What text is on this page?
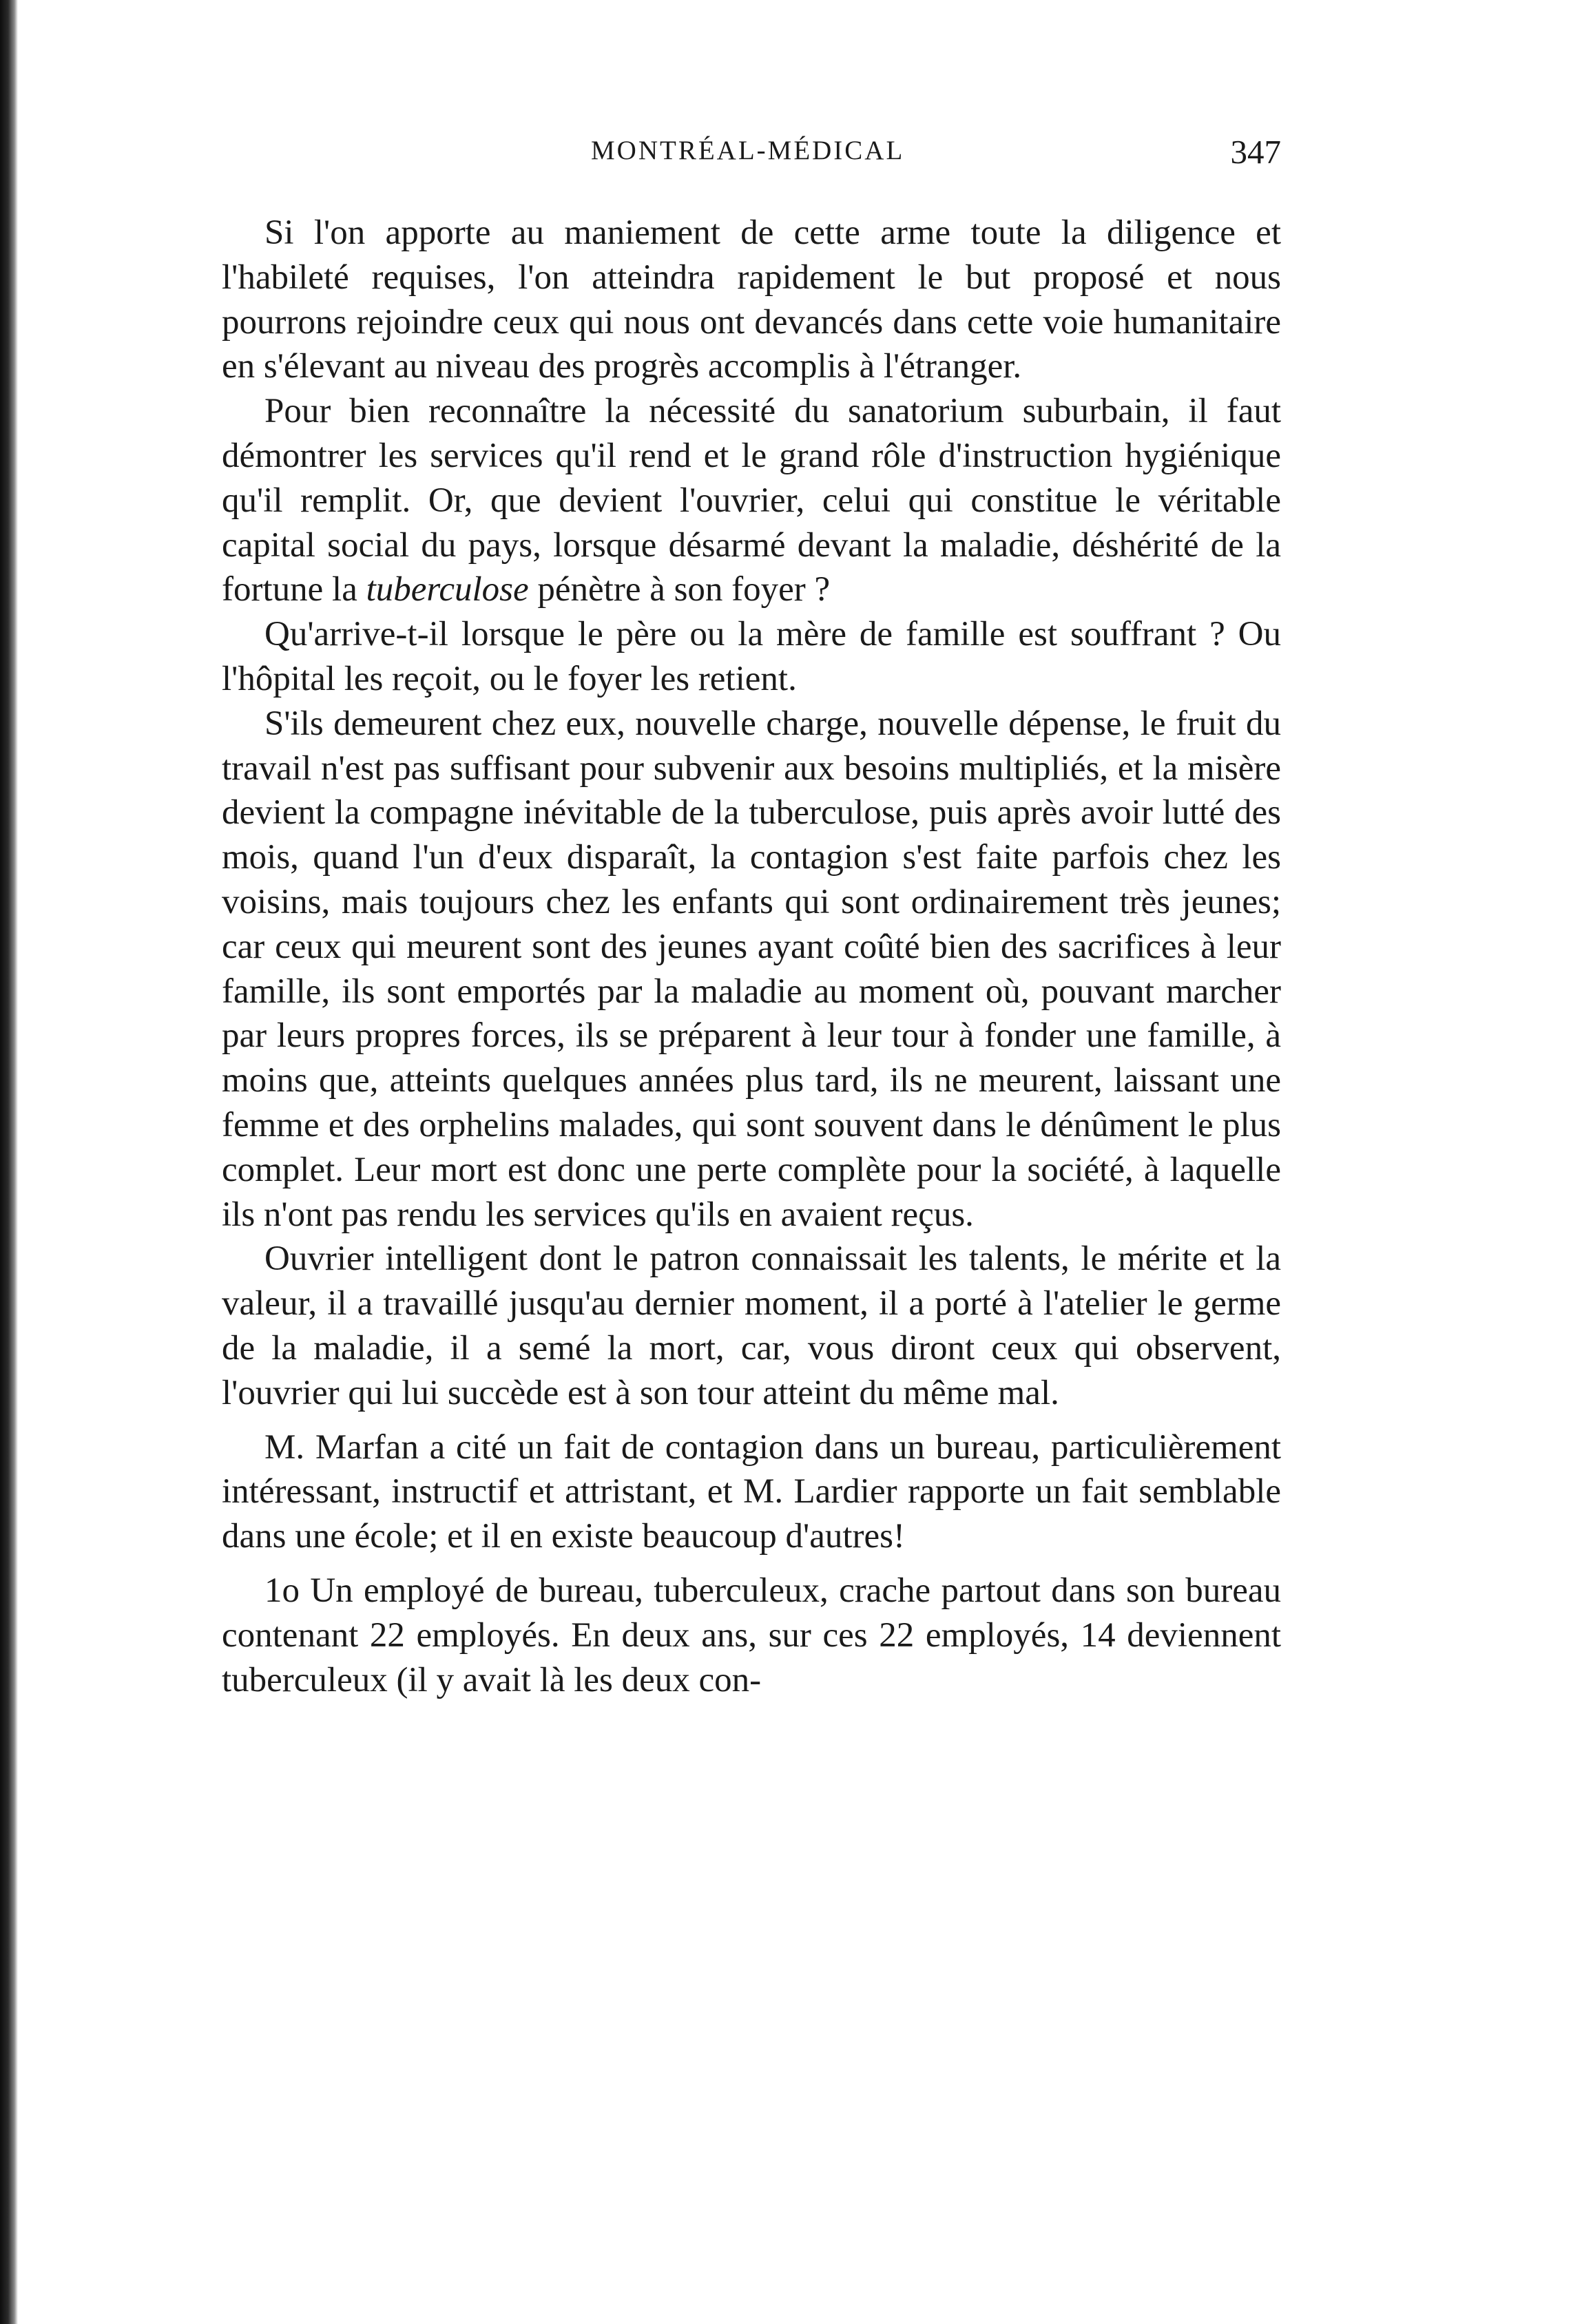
MONTRÉAL-MÉDICAL	347

Si l'on apporte au maniement de cette arme toute la diligence et l'habileté requises, l'on atteindra rapidement le but proposé et nous pourrons rejoindre ceux qui nous ont devancés dans cette voie humanitaire en s'élevant au niveau des progrès accomplis à l'étranger.

Pour bien reconnaître la nécessité du sanatorium suburbain, il faut démontrer les services qu'il rend et le grand rôle d'instruction hygiénique qu'il remplit. Or, que devient l'ouvrier, celui qui constitue le véritable capital social du pays, lorsque désarmé devant la maladie, déshérité de la fortune la tuberculose pénètre à son foyer ?

Qu'arrive-t-il lorsque le père ou la mère de famille est souffrant ? Ou l'hôpital les reçoit, ou le foyer les retient.

S'ils demeurent chez eux, nouvelle charge, nouvelle dépense, le fruit du travail n'est pas suffisant pour subvenir aux besoins multipliés, et la misère devient la compagne inévitable de la tuberculose, puis après avoir lutté des mois, quand l'un d'eux disparaît, la contagion s'est faite parfois chez les voisins, mais toujours chez les enfants qui sont ordinairement très jeunes; car ceux qui meurent sont des jeunes ayant coûté bien des sacrifices à leur famille, ils sont emportés par la maladie au moment où, pouvant marcher par leurs propres forces, ils se préparent à leur tour à fonder une famille, à moins que, atteints quelques années plus tard, ils ne meurent, laissant une femme et des orphelins malades, qui sont souvent dans le dénûment le plus complet. Leur mort est donc une perte complète pour la société, à laquelle ils n'ont pas rendu les services qu'ils en avaient reçus.

Ouvrier intelligent dont le patron connaissait les talents, le mérite et la valeur, il a travaillé jusqu'au dernier moment, il a porté à l'atelier le germe de la maladie, il a semé la mort, car, vous diront ceux qui observent, l'ouvrier qui lui succède est à son tour atteint du même mal.

M. Marfan a cité un fait de contagion dans un bureau, particulièrement intéressant, instructif et attristant, et M. Lardier rapporte un fait semblable dans une école; et il en existe beaucoup d'autres!

1o Un employé de bureau, tuberculeux, crache partout dans son bureau contenant 22 employés. En deux ans, sur ces 22 employés, 14 deviennent tuberculeux (il y avait là les deux con-
